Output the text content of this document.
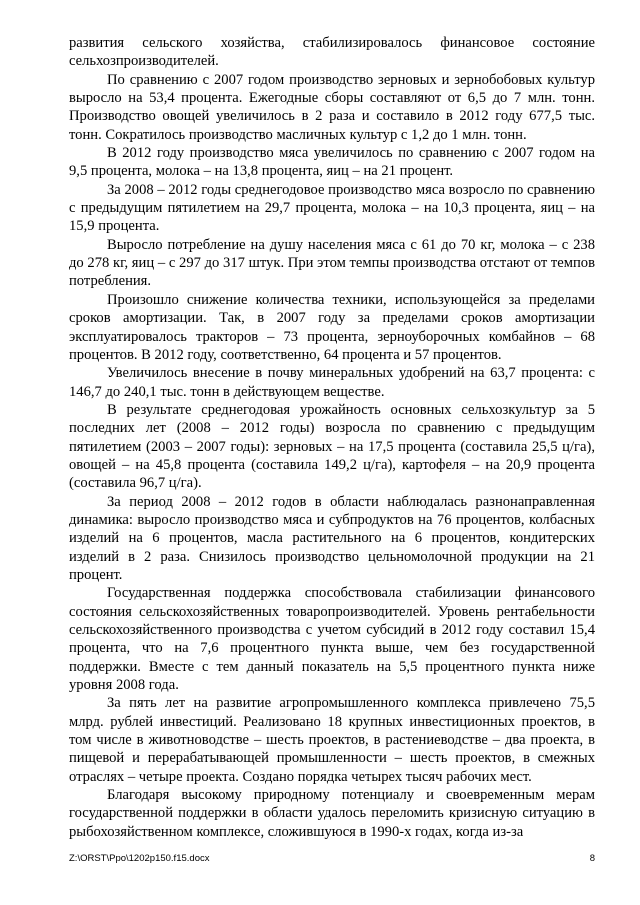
развития сельского хозяйства, стабилизировалось финансовое состояние сельхозпроизводителей.

По сравнению с 2007 годом производство зерновых и зернобобовых культур выросло на 53,4 процента. Ежегодные сборы составляют от 6,5 до 7 млн. тонн. Производство овощей увеличилось в 2 раза и составило в 2012 году 677,5 тыс. тонн. Сократилось производство масличных культур с 1,2 до 1 млн. тонн.

В 2012 году производство мяса увеличилось по сравнению с 2007 годом на 9,5 процента, молока – на 13,8 процента, яиц – на 21 процент.

За 2008 – 2012 годы среднегодовое производство мяса возросло по сравнению с предыдущим пятилетием на 29,7 процента, молока – на 10,3 процента, яиц – на 15,9 процента.

Выросло потребление на душу населения мяса с 61 до 70 кг, молока – с 238 до 278 кг, яиц – с 297 до 317 штук. При этом темпы производства отстают от темпов потребления.

Произошло снижение количества техники, использующейся за пределами сроков амортизации. Так, в 2007 году за пределами сроков амортизации эксплуатировалось тракторов – 73 процента, зерноуборочных комбайнов – 68 процентов. В 2012 году, соответственно, 64 процента и 57 процентов.

Увеличилось внесение в почву минеральных удобрений на 63,7 процента: с 146,7 до 240,1 тыс. тонн в действующем веществе.

В результате среднегодовая урожайность основных сельхозкультур за 5 последних лет (2008 – 2012 годы) возросла по сравнению с предыдущим пятилетием (2003 – 2007 годы): зерновых – на 17,5 процента (составила 25,5 ц/га), овощей – на 45,8 процента (составила 149,2 ц/га), картофеля – на 20,9 процента (составила 96,7 ц/га).

За период 2008 – 2012 годов в области наблюдалась разнонаправленная динамика: выросло производство мяса и субпродуктов на 76 процентов, колбасных изделий на 6 процентов, масла растительного на 6 процентов, кондитерских изделий в 2 раза. Снизилось производство цельномолочной продукции на 21 процент.

Государственная поддержка способствовала стабилизации финансового состояния сельскохозяйственных товаропроизводителей. Уровень рентабельности сельскохозяйственного производства с учетом субсидий в 2012 году составил 15,4 процента, что на 7,6 процентного пункта выше, чем без государственной поддержки. Вместе с тем данный показатель на 5,5 процентного пункта ниже уровня 2008 года.

За пять лет на развитие агропромышленного комплекса привлечено 75,5 млрд. рублей инвестиций. Реализовано 18 крупных инвестиционных проектов, в том числе в животноводстве – шесть проектов, в растениеводстве – два проекта, в пищевой и перерабатывающей промышленности – шесть проектов, в смежных отраслях – четыре проекта. Создано порядка четырех тысяч рабочих мест.

Благодаря высокому природному потенциалу и своевременным мерам государственной поддержки в области удалось переломить кризисную ситуацию в рыбохозяйственном комплексе, сложившуюся в 1990-х годах, когда из-за

Z:\ORST\Ppo\1202p150.f15.docx	8
